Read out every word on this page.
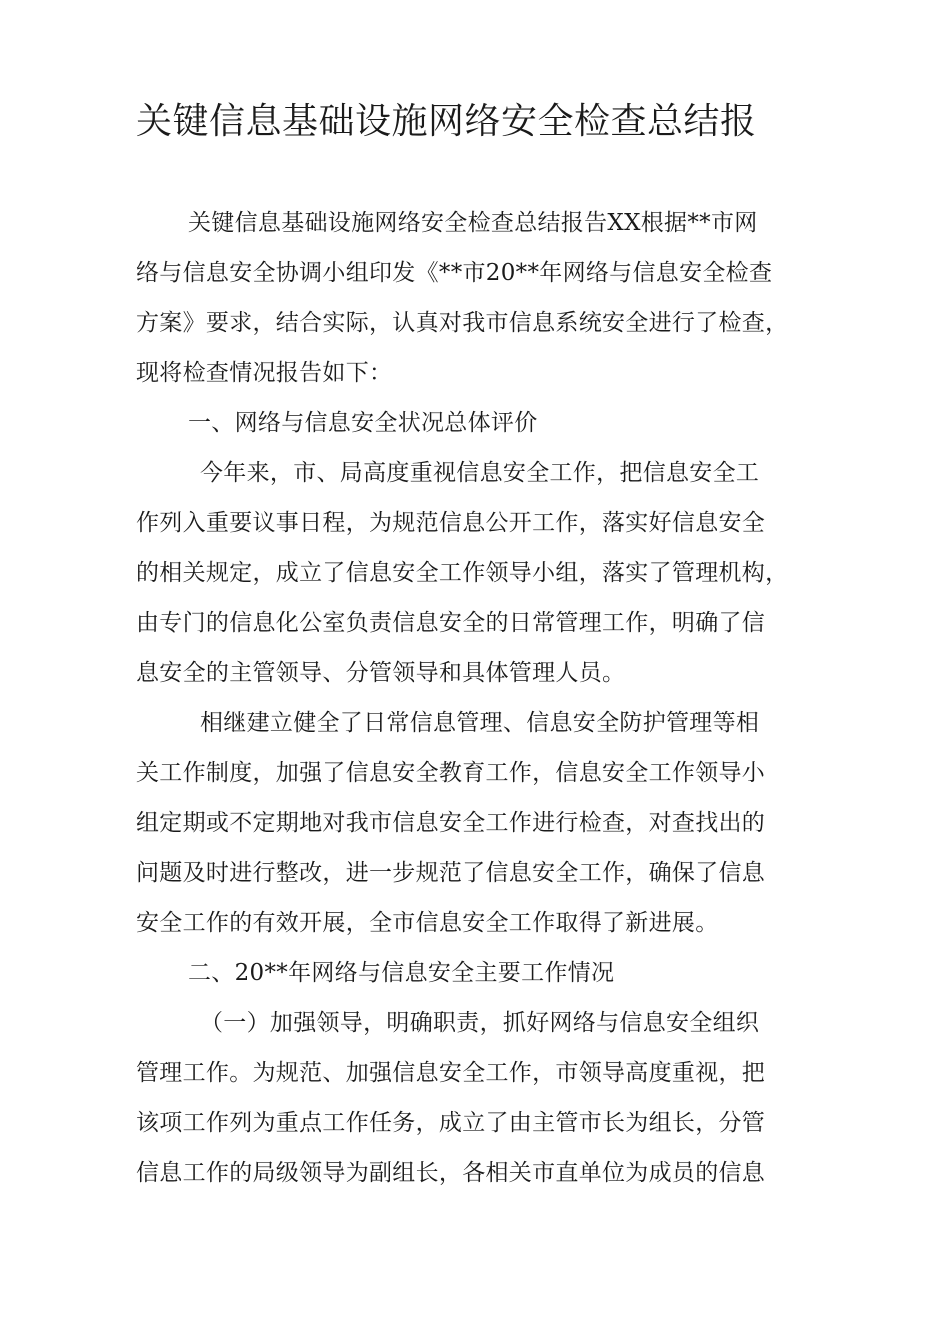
关键信息基础设施网络安全检查总结报
关键信息基础设施网络安全检查总结报告XX根据**市网
络与信息安全协调小组印发《**市20**年网络与信息安全检查
方案》要求，结合实际，认真对我市信息系统安全进行了检查，
现将检查情况报告如下：
一、网络与信息安全状况总体评价
今年来，市、局高度重视信息安全工作，把信息安全工
作列入重要议事日程，为规范信息公开工作，落实好信息安全
的相关规定，成立了信息安全工作领导小组，落实了管理机构，
由专门的信息化公室负责信息安全的日常管理工作，明确了信
息安全的主管领导、分管领导和具体管理人员。
相继建立健全了日常信息管理、信息安全防护管理等相
关工作制度，加强了信息安全教育工作，信息安全工作领导小
组定期或不定期地对我市信息安全工作进行检查，对查找出的
问题及时进行整改，进一步规范了信息安全工作，确保了信息
安全工作的有效开展，全市信息安全工作取得了新进展。
二、20**年网络与信息安全主要工作情况
（一）加强领导，明确职责，抓好网络与信息安全组织
管理工作。为规范、加强信息安全工作，市领导高度重视，把
该项工作列为重点工作任务，成立了由主管市长为组长，分管
信息工作的局级领导为副组长，各相关市直单位为成员的信息
